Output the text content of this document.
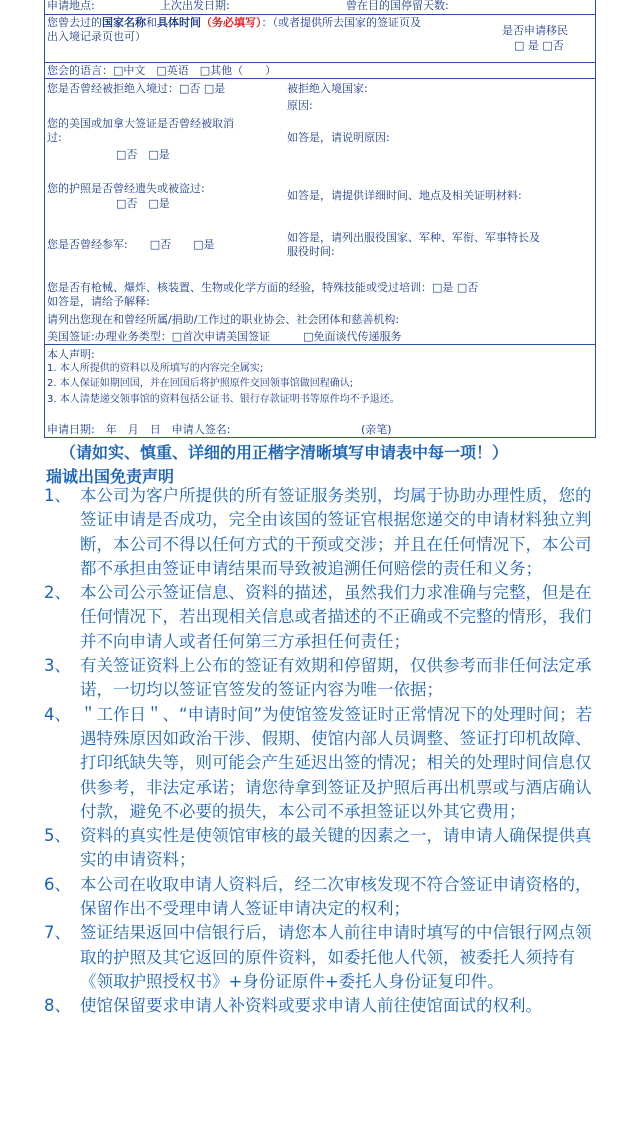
申请地点:	上次出发日期:	曾在目的国停留天数:
您曾去过的国家名称和具体时间（务必填写）：（或者提供所去国家的签证页及
出入境记录页也可）	是否申请移民
□ 是 □否
您会的语言：□中文　□英语　□其他（　　）
您是否曾经被拒绝入境过：□否 □是	被拒绝入境国家:
原因:
您的美国或加拿大签证是否曾经被取消
过:
□否　□是
如答是，请说明原因:
您的护照是否曾经遗失或被盗过:
□否　□是
如答是，请提供详细时间、地点及相关证明材料:
您是否曾经参军:　　□否　　□是
如答是，请列出服役国家、军种、军衔、军事特长及
服役时间:
您是否有枪械、爆炸、核装置、生物或化学方面的经验，特殊技能或受过培训：□是 □否
如答是，请给予解释:
请列出您现在和曾经所属/捐助/工作过的职业协会、社会团体和慈善机构:
美国签证:办理业务类型：□首次申请美国签证　　　□免面谈代传递服务
本人声明:
1. 本人所提供的资料以及所填写的内容完全属实;
2. 本人保证如期回国，并在回国后将护照原件交回领事馆做回程确认;
3. 本人清楚递交领事馆的资料包括公证书、银行存款证明书等原件均不予退还。
申请日期:　年　月　日　申请人签名:	(亲笔)
（请如实、慎重、详细的用正楷字清晰填写申请表中每一项！）
瑞诚出国免责声明
1、 本公司为客户所提供的所有签证服务类别，均属于协助办理性质，您的签证申请是否成功，完全由该国的签证官根据您递交的申请材料独立判断，本公司不得以任何方式的干预或交涉；并且在任何情况下，本公司都不承担由签证申请结果而导致被追溯任何赔偿的责任和义务；
2、 本公司公示签证信息、资料的描述，虽然我们力求准确与完整，但是在任何情况下，若出现相关信息或者描述的不正确或不完整的情形，我们并不向申请人或者任何第三方承担任何责任；
3、 有关签证资料上公布的签证有效期和停留期，仅供参考而非任何法定承诺，一切均以签证官签发的签证内容为唯一依据；
4、 ＂工作日＂、“申请时间”为使馆签发签证时正常情况下的处理时间；若遇特殊原因如政治干涉、假期、使馆内部人员调整、签证打印机故障、打印纸缺失等，则可能会产生延迟出签的情况；相关的处理时间信息仅供参考，非法定承诺；请您待拿到签证及护照后再出机票或与酒店确认付款，避免不必要的损失，本公司不承担签证以外其它费用；
5、 资料的真实性是使领馆审核的最关键的因素之一，请申请人确保提供真实的申请资料；
6、 本公司在收取申请人资料后，经二次审核发现不符合签证申请资格的，保留作出不受理申请人签证申请决定的权利；
7、 签证结果返回中信银行后，请您本人前往申请时填写的中信银行网点领取的护照及其它返回的原件资料，如委托他人代领，被委托人须持有《领取护照授权书》+身份证原件+委托人身份证复印件。
8、 使馆保留要求申请人补资料或要求申请人前往使馆面试的权利。
